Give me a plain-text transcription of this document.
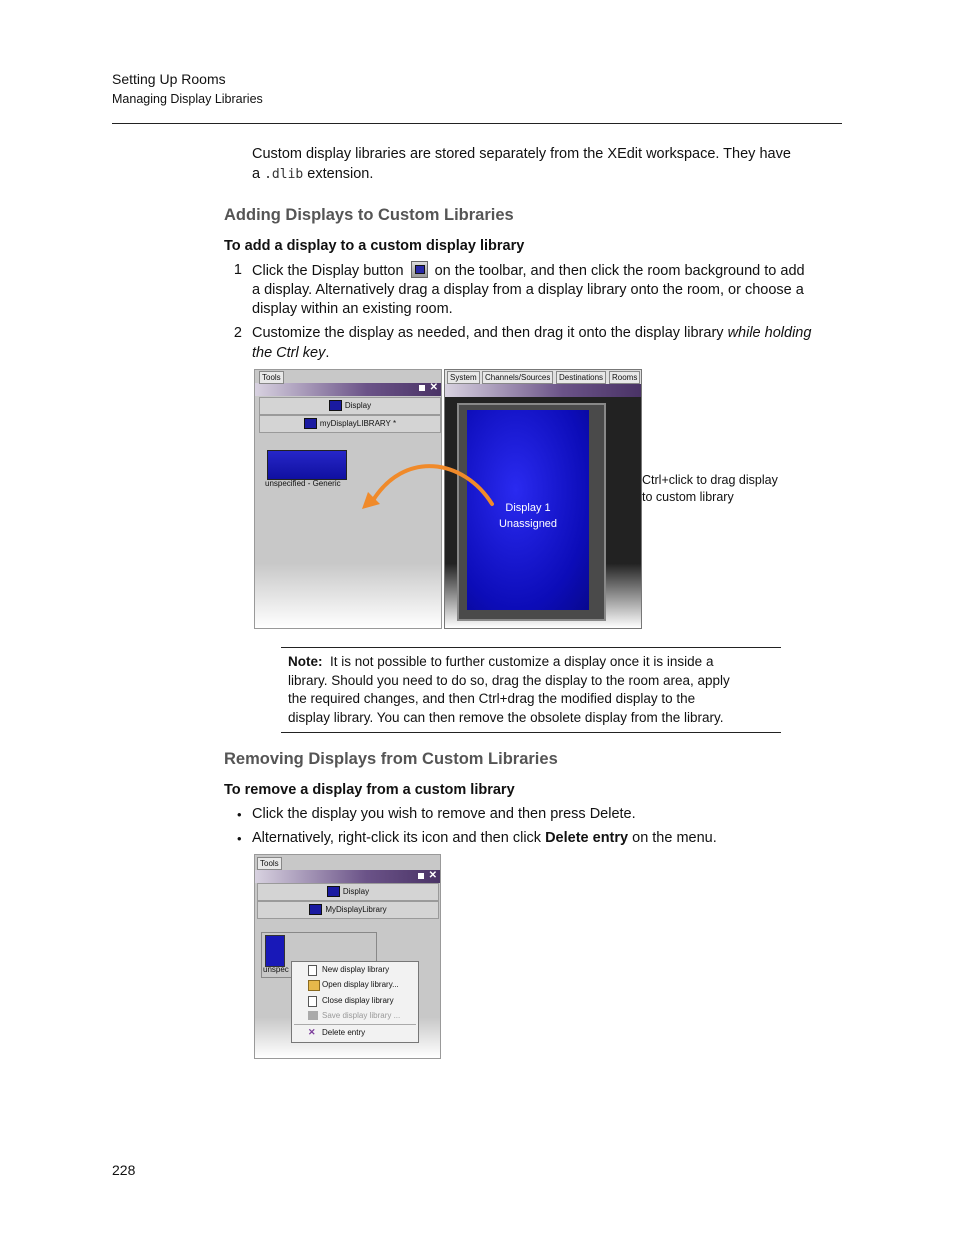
Setting Up Rooms
Managing Display Libraries
Custom display libraries are stored separately from the XEdit workspace. They have
a .dlib extension.
Adding Displays to Custom Libraries
To add a display to a custom display library
1 Click the Display button on the toolbar, and then click the room background to add
a display. Alternatively drag a display from a display library onto the room, or choose a
display within an existing room.
2 Customize the display as needed, and then drag it onto the display library while holding
the Ctrl key.
✕
Tools
Display
myDisplayLIBRARY *
unspecified - Generic
System	Channels/Sources	Destinations	Rooms
Display 1
Unassigned
Ctrl+click to drag display
to custom library
Note: It is not possible to further customize a display once it is inside a
library. Should you need to do so, drag the display to the room area, apply
the required changes, and then Ctrl+drag the modified display to the
display library. You can then remove the obsolete display from the library.
Removing Displays from Custom Libraries
To remove a display from a custom library
• Click the display you wish to remove and then press Delete.
• Alternatively, right-click its icon and then click Delete entry on the menu.
✕
Tools
Display
MyDisplayLibrary
unspec	New display library
Open display library...
Close display library
Save display library ...
✕ Delete entry
228
